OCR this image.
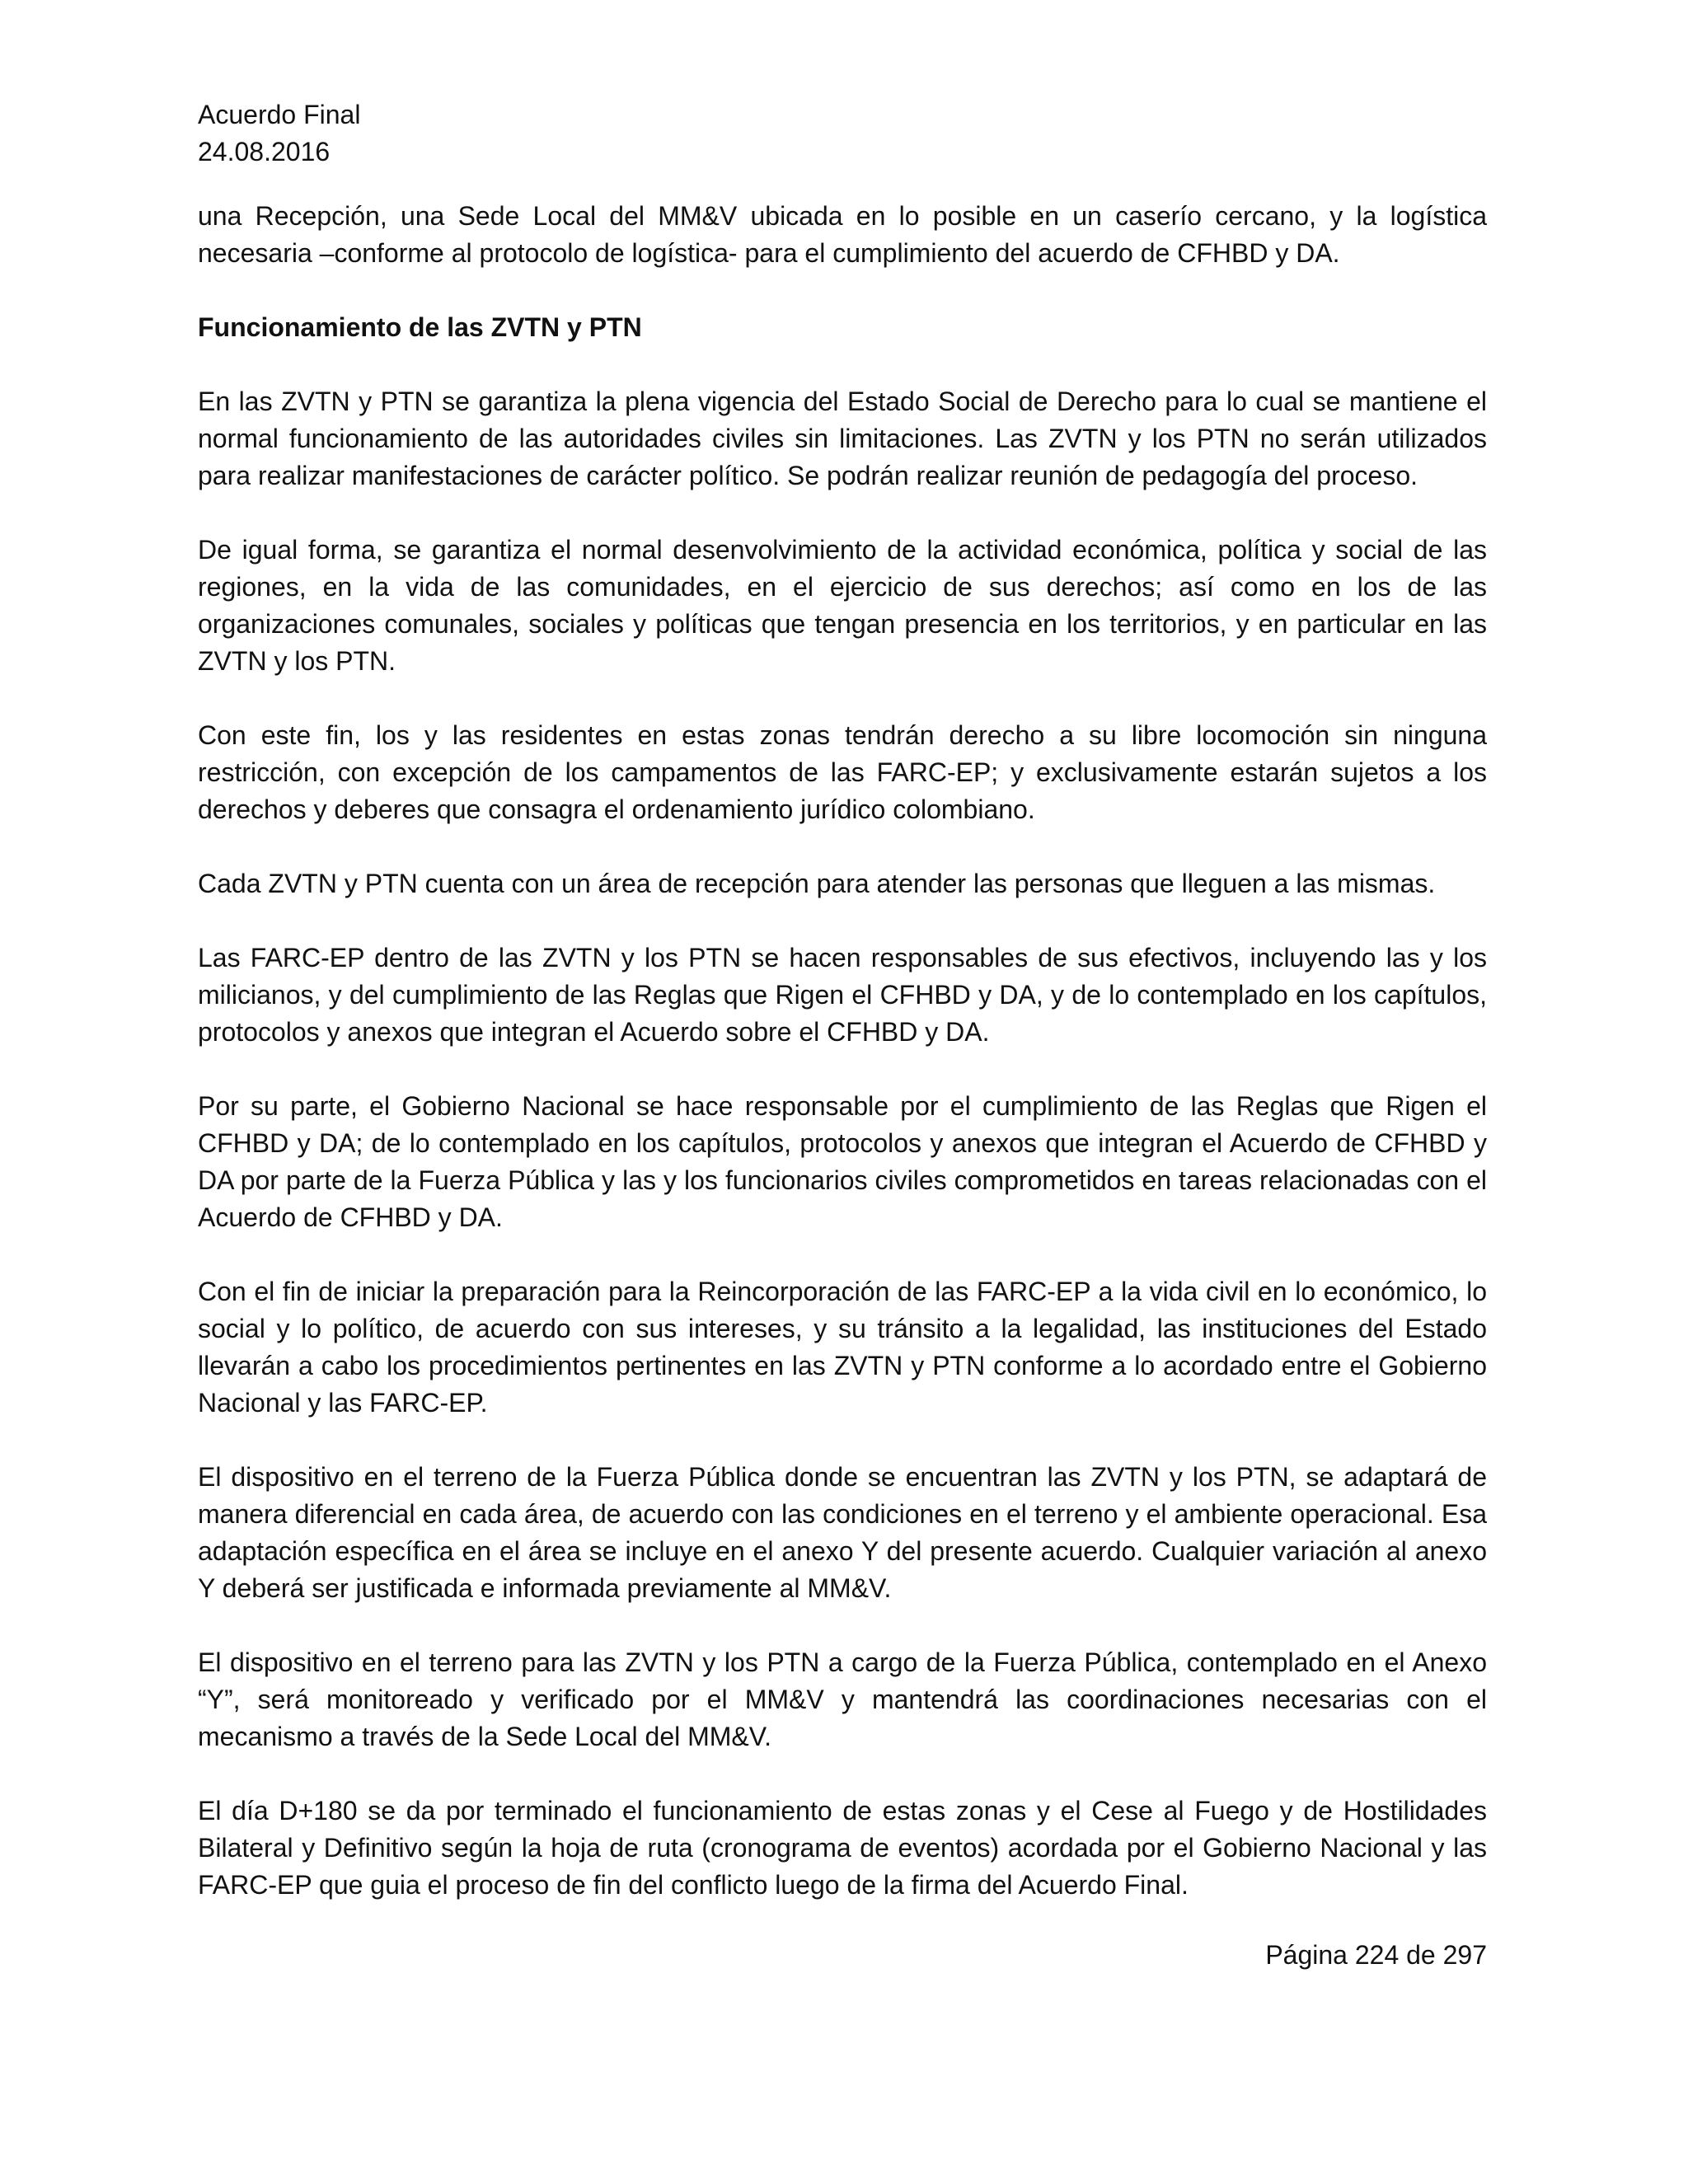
Acuerdo Final
24.08.2016

una Recepción, una Sede Local del MM&V ubicada en lo posible en un caserío cercano, y la logística necesaria –conforme al protocolo de logística- para el cumplimiento del acuerdo de CFHBD y DA.

Funcionamiento de las ZVTN y PTN

En las ZVTN y PTN se garantiza la plena vigencia del Estado Social de Derecho para lo cual se mantiene el normal funcionamiento de las autoridades civiles sin limitaciones. Las ZVTN y los PTN no serán utilizados para realizar manifestaciones de carácter político. Se podrán realizar reunión de pedagogía del proceso.

De igual forma, se garantiza el normal desenvolvimiento de la actividad económica, política y social de las regiones, en la vida de las comunidades, en el ejercicio de sus derechos; así como en los de las organizaciones comunales, sociales y políticas que tengan presencia en los territorios, y en particular en las ZVTN y los PTN.

Con este fin, los y las residentes en estas zonas tendrán derecho a su libre locomoción sin ninguna restricción, con excepción de los campamentos de las FARC-EP; y exclusivamente estarán sujetos a los derechos y deberes que consagra el ordenamiento jurídico colombiano.

Cada ZVTN y PTN cuenta con un área de recepción para atender las personas que lleguen a las mismas.

Las FARC-EP dentro de las ZVTN y los PTN se hacen responsables de sus efectivos, incluyendo las y los milicianos, y del cumplimiento de las Reglas que Rigen el CFHBD y DA, y de lo contemplado en los capítulos, protocolos y anexos que integran el Acuerdo sobre el CFHBD y DA.

Por su parte, el Gobierno Nacional se hace responsable por el cumplimiento de las Reglas que Rigen el CFHBD y DA; de lo contemplado en los capítulos, protocolos y anexos que integran el Acuerdo de CFHBD y DA por parte de la Fuerza Pública y las y los funcionarios civiles comprometidos en tareas relacionadas con el Acuerdo de CFHBD y DA.

Con el fin de iniciar la preparación para la Reincorporación de las FARC-EP a la vida civil en lo económico, lo social y lo político, de acuerdo con sus intereses, y su tránsito a la legalidad, las instituciones del Estado llevarán a cabo los procedimientos pertinentes en las ZVTN y PTN conforme a lo acordado entre el Gobierno Nacional y las FARC-EP.

El dispositivo en el terreno de la Fuerza Pública donde se encuentran las ZVTN y los PTN, se adaptará de manera diferencial en cada área, de acuerdo con las condiciones en el terreno y el ambiente operacional. Esa adaptación específica en el área se incluye en el anexo Y del presente acuerdo. Cualquier variación al anexo Y deberá ser justificada e informada previamente al MM&V.

El dispositivo en el terreno para las ZVTN y los PTN a cargo de la Fuerza Pública, contemplado en el Anexo “Y”, será monitoreado y verificado por el MM&V y mantendrá las coordinaciones necesarias con el mecanismo a través de la Sede Local del MM&V.

El día D+180 se da por terminado el funcionamiento de estas zonas y el Cese al Fuego y de Hostilidades Bilateral y Definitivo según la hoja de ruta (cronograma de eventos) acordada por el Gobierno Nacional y las FARC-EP que guia el proceso de fin del conflicto luego de la firma del Acuerdo Final.

Página 224 de 297
